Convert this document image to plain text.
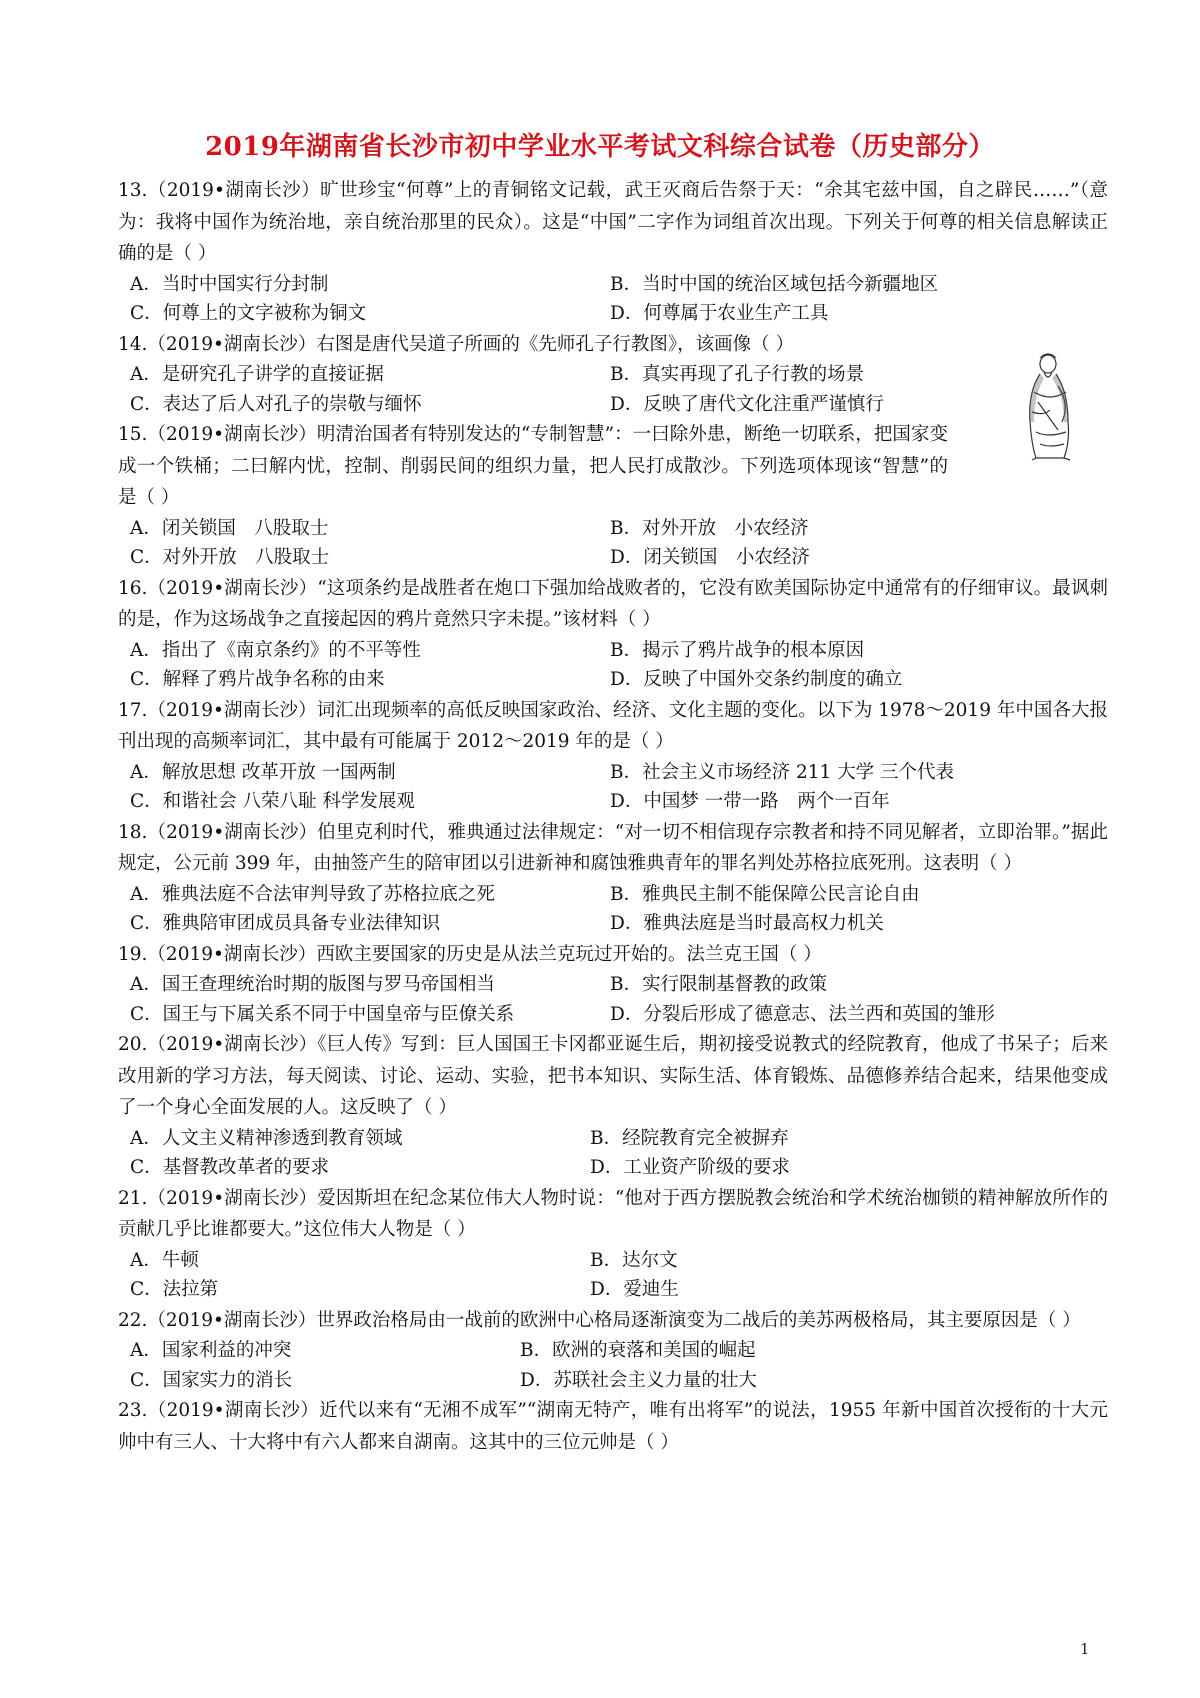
2019年湖南省长沙市初中学业水平考试文科综合试卷（历史部分）

13.（2019•湖南长沙）旷世珍宝“何尊”上的青铜铭文记载，武王灭商后告祭于天：“余其宅兹中国，自之辟民……”（意为：我将中国作为统治地，亲自统治那里的民众）。这是“中国”二字作为词组首次出现。下列关于何尊的相关信息解读正确的是（ ）

A．当时中国实行分封制	B．当时中国的统治区域包括今新疆地区
C．何尊上的文字被称为铜文	D．何尊属于农业生产工具

14.（2019•湖南长沙）右图是唐代吴道子所画的《先师孔子行教图》，该画像（ ）

A．是研究孔子讲学的直接证据	B．真实再现了孔子行教的场景
C．表达了后人对孔子的崇敬与缅怀	D．反映了唐代文化注重严谨慎行

15.（2019•湖南长沙）明清治国者有特别发达的“专制智慧”：一曰除外患，断绝一切联系，把国家变成一个铁桶；二曰解内忧，控制、削弱民间的组织力量，把人民打成散沙。下列选项体现该“智慧”的是（ ）

A．闭关锁国　八股取士	B．对外开放　小农经济
C．对外开放　八股取士	D．闭关锁国　小农经济

16.（2019•湖南长沙）“这项条约是战胜者在炮口下强加给战败者的，它没有欧美国际协定中通常有的仔细审议。最讽刺的是，作为这场战争之直接起因的鸦片竟然只字未提。”该材料（ ）

A．指出了《南京条约》的不平等性	B．揭示了鸦片战争的根本原因
C．解释了鸦片战争名称的由来	D．反映了中国外交条约制度的确立

17.（2019•湖南长沙）词汇出现频率的高低反映国家政治、经济、文化主题的变化。以下为 1978～2019 年中国各大报刊出现的高频率词汇，其中最有可能属于 2012～2019 年的是（ ）

A．解放思想 改革开放 一国两制	B．社会主义市场经济 211 大学 三个代表
C．和谐社会 八荣八耻 科学发展观	D．中国梦 一带一路　两个一百年

18.（2019•湖南长沙）伯里克利时代，雅典通过法律规定：“对一切不相信现存宗教者和持不同见解者，立即治罪。”据此规定，公元前 399 年，由抽签产生的陪审团以引进新神和腐蚀雅典青年的罪名判处苏格拉底死刑。这表明（ ）

A．雅典法庭不合法审判导致了苏格拉底之死	B．雅典民主制不能保障公民言论自由
C．雅典陪审团成员具备专业法律知识	D．雅典法庭是当时最高权力机关

19.（2019•湖南长沙）西欧主要国家的历史是从法兰克玩过开始的。法兰克王国（ ）

A．国王查理统治时期的版图与罗马帝国相当	B．实行限制基督教的政策
C．国王与下属关系不同于中国皇帝与臣僚关系	D．分裂后形成了德意志、法兰西和英国的雏形

20.（2019•湖南长沙）《巨人传》写到：巨人国国王卡冈都亚诞生后，期初接受说教式的经院教育，他成了书呆子；后来改用新的学习方法，每天阅读、讨论、运动、实验，把书本知识、实际生活、体育锻炼、品德修养结合起来，结果他变成了一个身心全面发展的人。这反映了（ ）

A．人文主义精神渗透到教育领域	B．经院教育完全被摒弃
C．基督教改革者的要求	D．工业资产阶级的要求

21.（2019•湖南长沙）爱因斯坦在纪念某位伟大人物时说：“他对于西方摆脱教会统治和学术统治枷锁的精神解放所作的贡献几乎比谁都要大。”这位伟大人物是（ ）

A．牛顿	B．达尔文
C．法拉第	D．爱迪生

22.（2019•湖南长沙）世界政治格局由一战前的欧洲中心格局逐渐演变为二战后的美苏两极格局，其主要原因是（ ）

A．国家利益的冲突	B．欧洲的衰落和美国的崛起
C．国家实力的消长	D．苏联社会主义力量的壮大

23.（2019•湖南长沙）近代以来有“无湘不成军”“湖南无特产，唯有出将军”的说法，1955 年新中国首次授衔的十大元帅中有三人、十大将中有六人都来自湖南。这其中的三位元帅是（ ）

1
